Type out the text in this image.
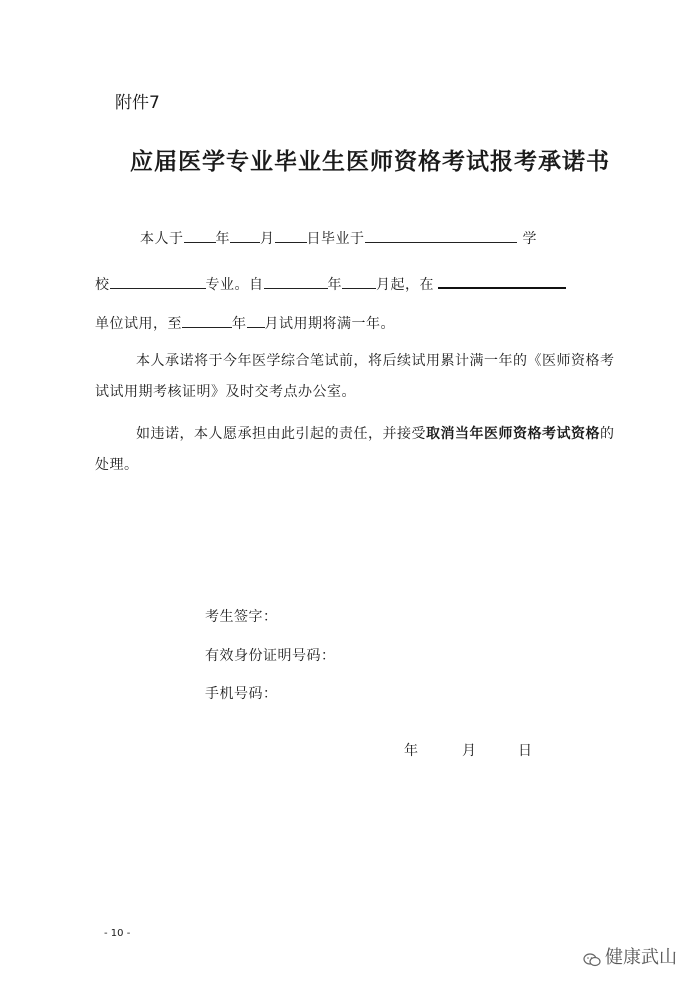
附件7
应届医学专业毕业生医师资格考试报考承诺书
本人于 年 月 日毕业于	学
校	专业。自	年 月起，在
单位试用，至	年 月试用期将满一年。
本人承诺将于今年医学综合笔试前，将后续试用累计满一年的《医师资格考
试试用期考核证明》及时交考点办公室。
如违诺，本人愿承担由此引起的责任，并接受取消当年医师资格考试资格的
处理。
考生签字：
有效身份证明号码：
手机号码：
年	月	日
- 10 -
健康武山
